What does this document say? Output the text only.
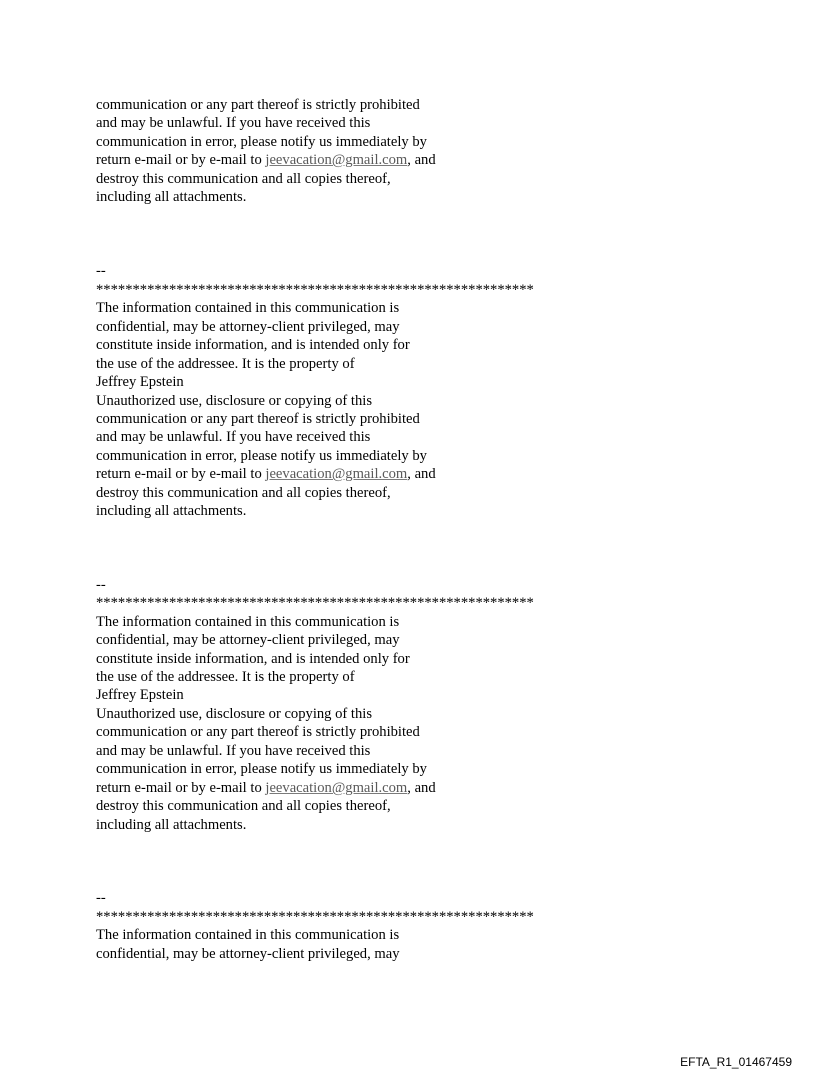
communication or any part thereof is strictly prohibited
and may be unlawful. If you have received this
communication in error, please notify us immediately by
return e-mail or by e-mail to jeevacation@gmail.com, and
destroy this communication and all copies thereof,
including all attachments.
--
************************************************************
The information contained in this communication is
confidential, may be attorney-client privileged, may
constitute inside information, and is intended only for
the use of the addressee. It is the property of
Jeffrey Epstein
Unauthorized use, disclosure or copying of this
communication or any part thereof is strictly prohibited
and may be unlawful. If you have received this
communication in error, please notify us immediately by
return e-mail or by e-mail to jeevacation@gmail.com, and
destroy this communication and all copies thereof,
including all attachments.
--
************************************************************
The information contained in this communication is
confidential, may be attorney-client privileged, may
constitute inside information, and is intended only for
the use of the addressee. It is the property of
Jeffrey Epstein
Unauthorized use, disclosure or copying of this
communication or any part thereof is strictly prohibited
and may be unlawful. If you have received this
communication in error, please notify us immediately by
return e-mail or by e-mail to jeevacation@gmail.com, and
destroy this communication and all copies thereof,
including all attachments.
--
************************************************************
The information contained in this communication is
confidential, may be attorney-client privileged, may
EFTA_R1_01467459
